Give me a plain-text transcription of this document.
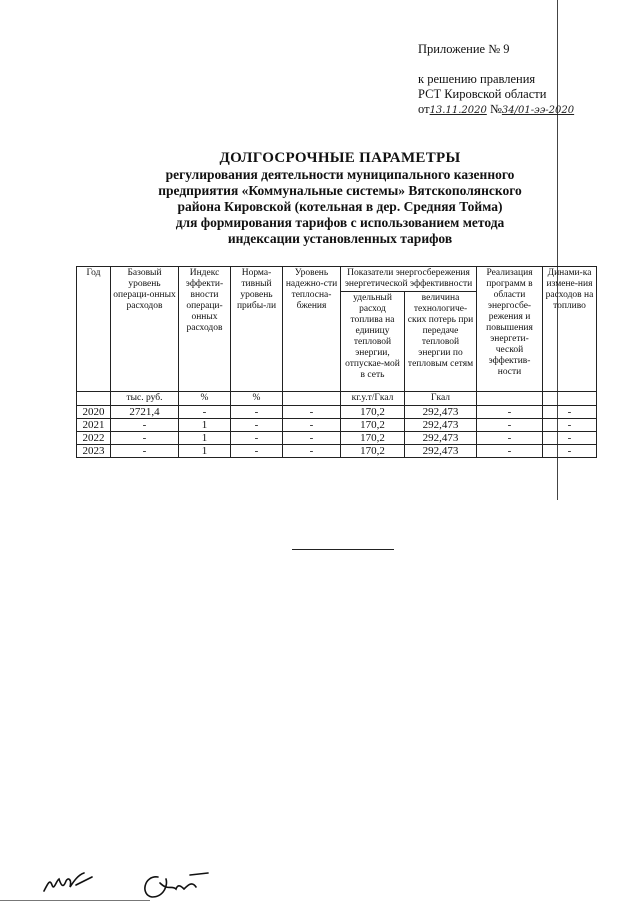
Приложение № 9
к решению правления
РСТ Кировской области
от13.11.2020 №34/01-ээ-2020
ДОЛГОСРОЧНЫЕ ПАРАМЕТРЫ
регулирования деятельности муниципального казенного
предприятия «Коммунальные системы» Вятскополянского
района Кировской (котельная в дер. Средняя Тойма)
для формирования тарифов с использованием метода
индексации установленных тарифов
Год	Базовый уровень операци-онных расходов	Индекс эффекти-вности операци-онных расходов	Норма-тивный уровень прибы-ли	Уровень надежно-сти теплосна-бжения	Показатели энергосбережения энергетической эффективности		Реализация программ в области энергосбе-режения и повышения энергети-ческой эффектив-ности	Динами-ка измене-ния расходов на топливо
					удельный расход топлива на единицу тепловой энергии, отпускае-мой в сеть	величина технологиче-ских потерь при передаче тепловой энергии по тепловым сетям		
	тыс. руб.	%	%		кг.у.т/Гкал	Гкал		
2020	2721,4	-	-	-	170,2	292,473	-	-
2021	-	1	-	-	170,2	292,473	-	-
2022	-	1	-	-	170,2	292,473	-	-
2023	-	1	-	-	170,2	292,473	-	-
